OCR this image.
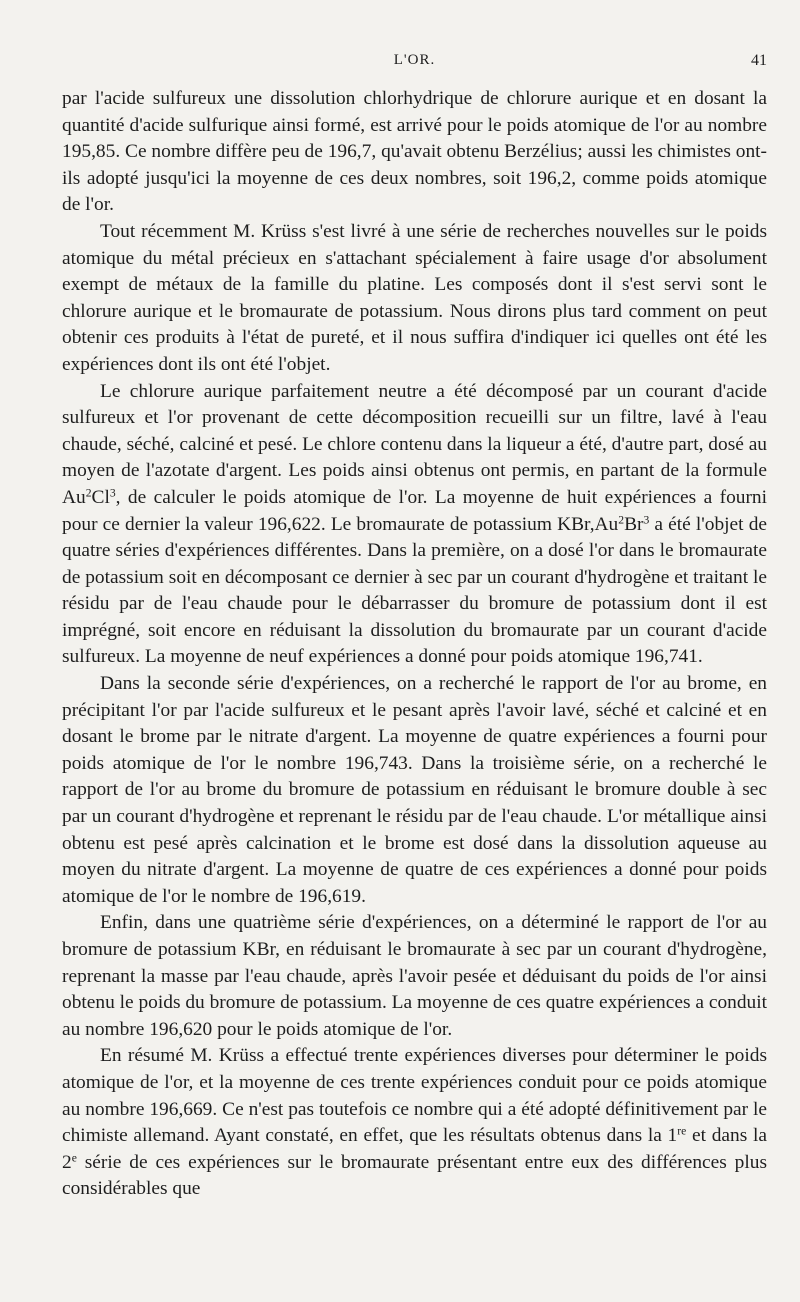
L'OR.	41

par l'acide sulfureux une dissolution chlorhydrique de chlorure aurique et en dosant la quantité d'acide sulfurique ainsi formé, est arrivé pour le poids atomique de l'or au nombre 195,85. Ce nombre diffère peu de 196,7, qu'avait obtenu Berzélius; aussi les chimistes ont-ils adopté jusqu'ici la moyenne de ces deux nombres, soit 196,2, comme poids atomique de l'or.

Tout récemment M. Krüss s'est livré à une série de recherches nouvelles sur le poids atomique du métal précieux en s'attachant spécialement à faire usage d'or absolument exempt de métaux de la famille du platine. Les composés dont il s'est servi sont le chlorure aurique et le bromaurate de potassium. Nous dirons plus tard comment on peut obtenir ces produits à l'état de pureté, et il nous suffira d'indiquer ici quelles ont été les expériences dont ils ont été l'objet.

Le chlorure aurique parfaitement neutre a été décomposé par un courant d'acide sulfureux et l'or provenant de cette décomposition recueilli sur un filtre, lavé à l'eau chaude, séché, calciné et pesé. Le chlore contenu dans la liqueur a été, d'autre part, dosé au moyen de l'azotate d'argent. Les poids ainsi obtenus ont permis, en partant de la formule Au$^2$Cl$^3$, de calculer le poids atomique de l'or. La moyenne de huit expériences a fourni pour ce dernier la valeur 196,622. Le bromaurate de potassium KBr,Au$^2$Br$^3$ a été l'objet de quatre séries d'expériences différentes. Dans la première, on a dosé l'or dans le bromaurate de potassium soit en décomposant ce dernier à sec par un courant d'hydrogène et traitant le résidu par de l'eau chaude pour le débarrasser du bromure de potassium dont il est imprégné, soit encore en réduisant la dissolution du bromaurate par un courant d'acide sulfureux. La moyenne de neuf expériences a donné pour poids atomique 196,741.

Dans la seconde série d'expériences, on a recherché le rapport de l'or au brome, en précipitant l'or par l'acide sulfureux et le pesant après l'avoir lavé, séché et calciné et en dosant le brome par le nitrate d'argent. La moyenne de quatre expériences a fourni pour poids atomique de l'or le nombre 196,743. Dans la troisième série, on a recherché le rapport de l'or au brome du bromure de potassium en réduisant le bromure double à sec par un courant d'hydrogène et reprenant le résidu par de l'eau chaude. L'or métallique ainsi obtenu est pesé après calcination et le brome est dosé dans la dissolution aqueuse au moyen du nitrate d'argent. La moyenne de quatre de ces expériences a donné pour poids atomique de l'or le nombre de 196,619.

Enfin, dans une quatrième série d'expériences, on a déterminé le rapport de l'or au bromure de potassium KBr, en réduisant le bromaurate à sec par un courant d'hydrogène, reprenant la masse par l'eau chaude, après l'avoir pesée et déduisant du poids de l'or ainsi obtenu le poids du bromure de potassium. La moyenne de ces quatre expériences a conduit au nombre 196,620 pour le poids atomique de l'or.

En résumé M. Krüss a effectué trente expériences diverses pour déterminer le poids atomique de l'or, et la moyenne de ces trente expériences conduit pour ce poids atomique au nombre 196,669. Ce n'est pas toutefois ce nombre qui a été adopté définitivement par le chimiste allemand. Ayant constaté, en effet, que les résultats obtenus dans la 1re et dans la 2e série de ces expériences sur le bromaurate présentant entre eux des différences plus considérables que
